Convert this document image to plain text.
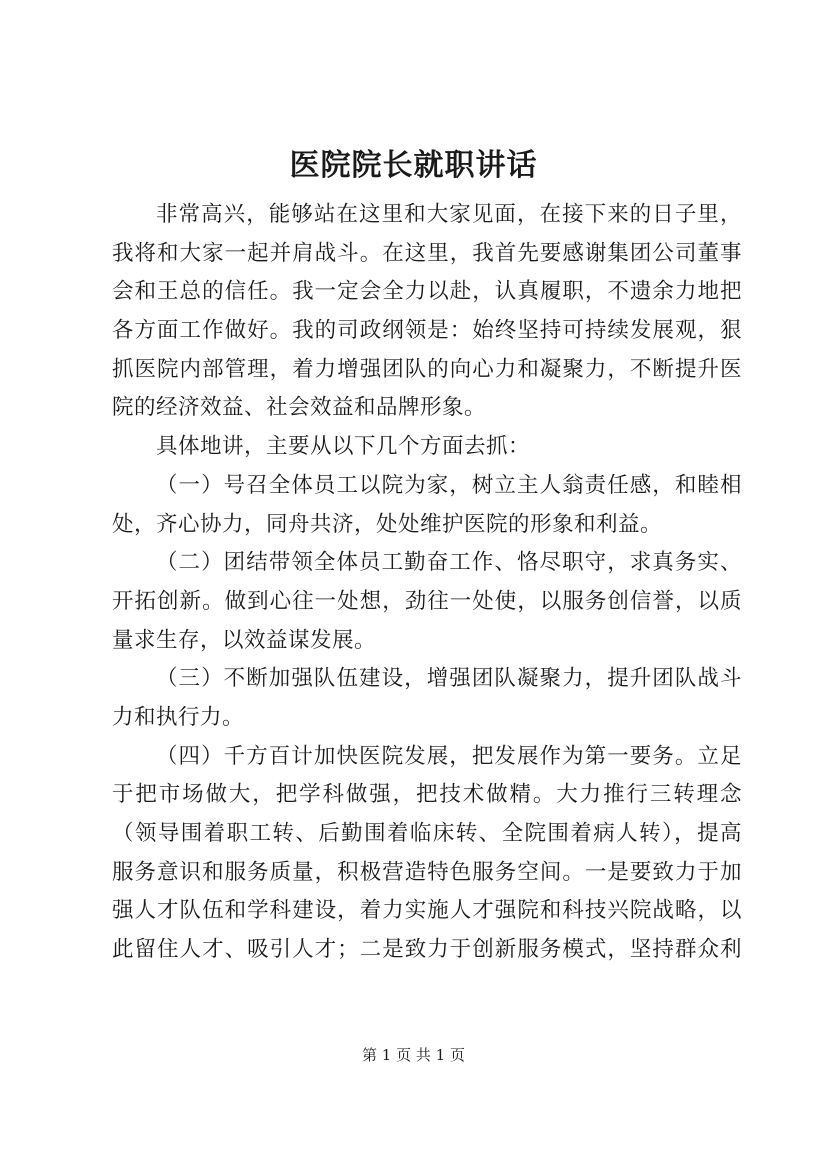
医院院长就职讲话
非常高兴，能够站在这里和大家见面，在接下来的日子里，
我将和大家一起并肩战斗。在这里，我首先要感谢集团公司董事
会和王总的信任。我一定会全力以赴，认真履职，不遗余力地把
各方面工作做好。我的司政纲领是：始终坚持可持续发展观，狠
抓医院内部管理，着力增强团队的向心力和凝聚力，不断提升医
院的经济效益、社会效益和品牌形象。
具体地讲，主要从以下几个方面去抓：
（一）号召全体员工以院为家，树立主人翁责任感，和睦相
处，齐心协力，同舟共济，处处维护医院的形象和利益。
（二）团结带领全体员工勤奋工作、恪尽职守，求真务实、
开拓创新。做到心往一处想，劲往一处使，以服务创信誉，以质
量求生存，以效益谋发展。
（三）不断加强队伍建设，增强团队凝聚力，提升团队战斗
力和执行力。
（四）千方百计加快医院发展，把发展作为第一要务。立足
于把市场做大，把学科做强，把技术做精。大力推行三转理念
（领导围着职工转、后勤围着临床转、全院围着病人转），提高
服务意识和服务质量，积极营造特色服务空间。一是要致力于加
强人才队伍和学科建设，着力实施人才强院和科技兴院战略，以
此留住人才、吸引人才；二是致力于创新服务模式，坚持群众利
第 1 页 共 1 页
